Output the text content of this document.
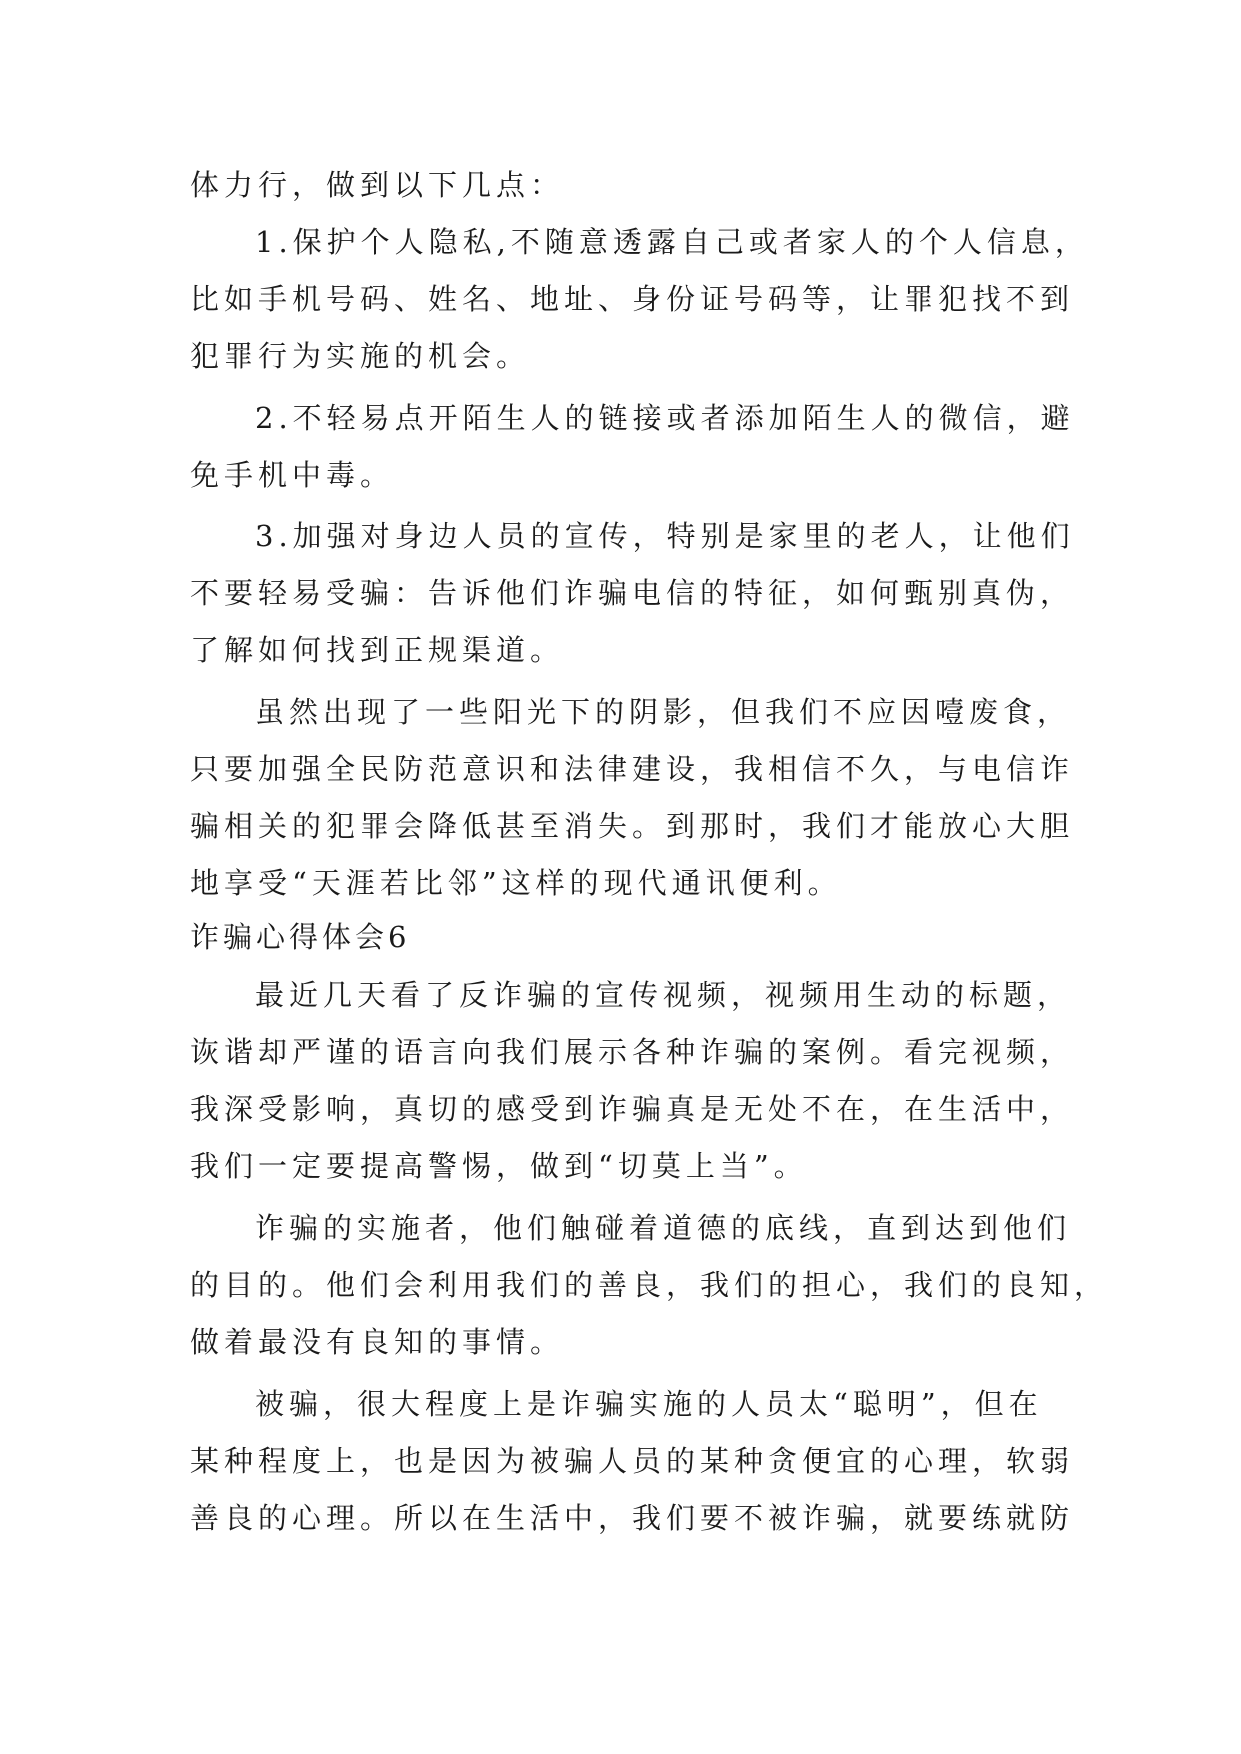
体力行，做到以下几点：

1.保护个人隐私,不随意透露自己或者家人的个人信息，

比如手机号码、姓名、地址、身份证号码等，让罪犯找不到

犯罪行为实施的机会。

2.不轻易点开陌生人的链接或者添加陌生人的微信，避

免手机中毒。

3.加强对身边人员的宣传，特别是家里的老人，让他们

不要轻易受骗：告诉他们诈骗电信的特征，如何甄别真伪，

了解如何找到正规渠道。

虽然出现了一些阳光下的阴影，但我们不应因噎废食，

只要加强全民防范意识和法律建设，我相信不久，与电信诈

骗相关的犯罪会降低甚至消失。到那时，我们才能放心大胆

地享受“天涯若比邻”这样的现代通讯便利。

诈骗心得体会6

最近几天看了反诈骗的宣传视频，视频用生动的标题，

诙谐却严谨的语言向我们展示各种诈骗的案例。看完视频，

我深受影响，真切的感受到诈骗真是无处不在，在生活中，

我们一定要提高警惕，做到“切莫上当”。

诈骗的实施者，他们触碰着道德的底线，直到达到他们

的目的。他们会利用我们的善良，我们的担心，我们的良知，

做着最没有良知的事情。

被骗，很大程度上是诈骗实施的人员太“聪明”，但在

某种程度上，也是因为被骗人员的某种贪便宜的心理，软弱

善良的心理。所以在生活中，我们要不被诈骗，就要练就防
